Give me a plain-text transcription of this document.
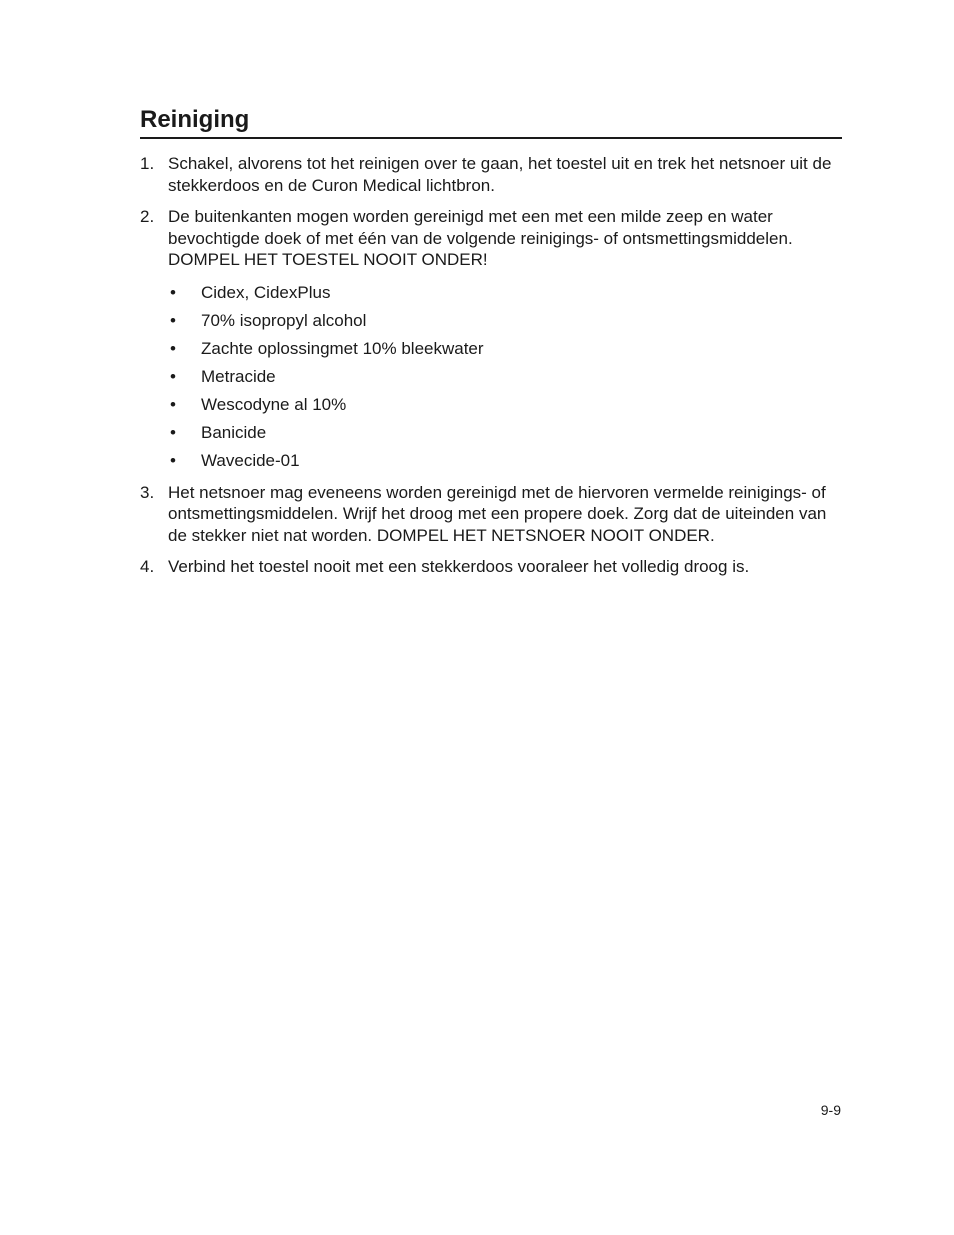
Reiniging
1. Schakel, alvorens tot het reinigen over te gaan, het toestel uit en trek het netsnoer uit de stekkerdoos en de Curon Medical lichtbron.
2. De buitenkanten mogen worden gereinigd met een met een milde zeep en water bevochtigde doek of met één van de volgende reinigings- of ontsmettingsmiddelen. DOMPEL HET TOESTEL NOOIT ONDER!
• Cidex, CidexPlus
• 70% isopropyl alcohol
• Zachte oplossingmet 10% bleekwater
• Metracide
• Wescodyne al 10%
• Banicide
• Wavecide-01
3. Het netsnoer mag eveneens worden gereinigd met de hiervoren vermelde reinigings- of ontsmettingsmiddelen. Wrijf het droog met een propere doek. Zorg dat de uiteinden van de stekker niet nat worden. DOMPEL HET NETSNOER NOOIT ONDER.
4. Verbind het toestel nooit met een stekkerdoos vooraleer het volledig droog is.
9-9
